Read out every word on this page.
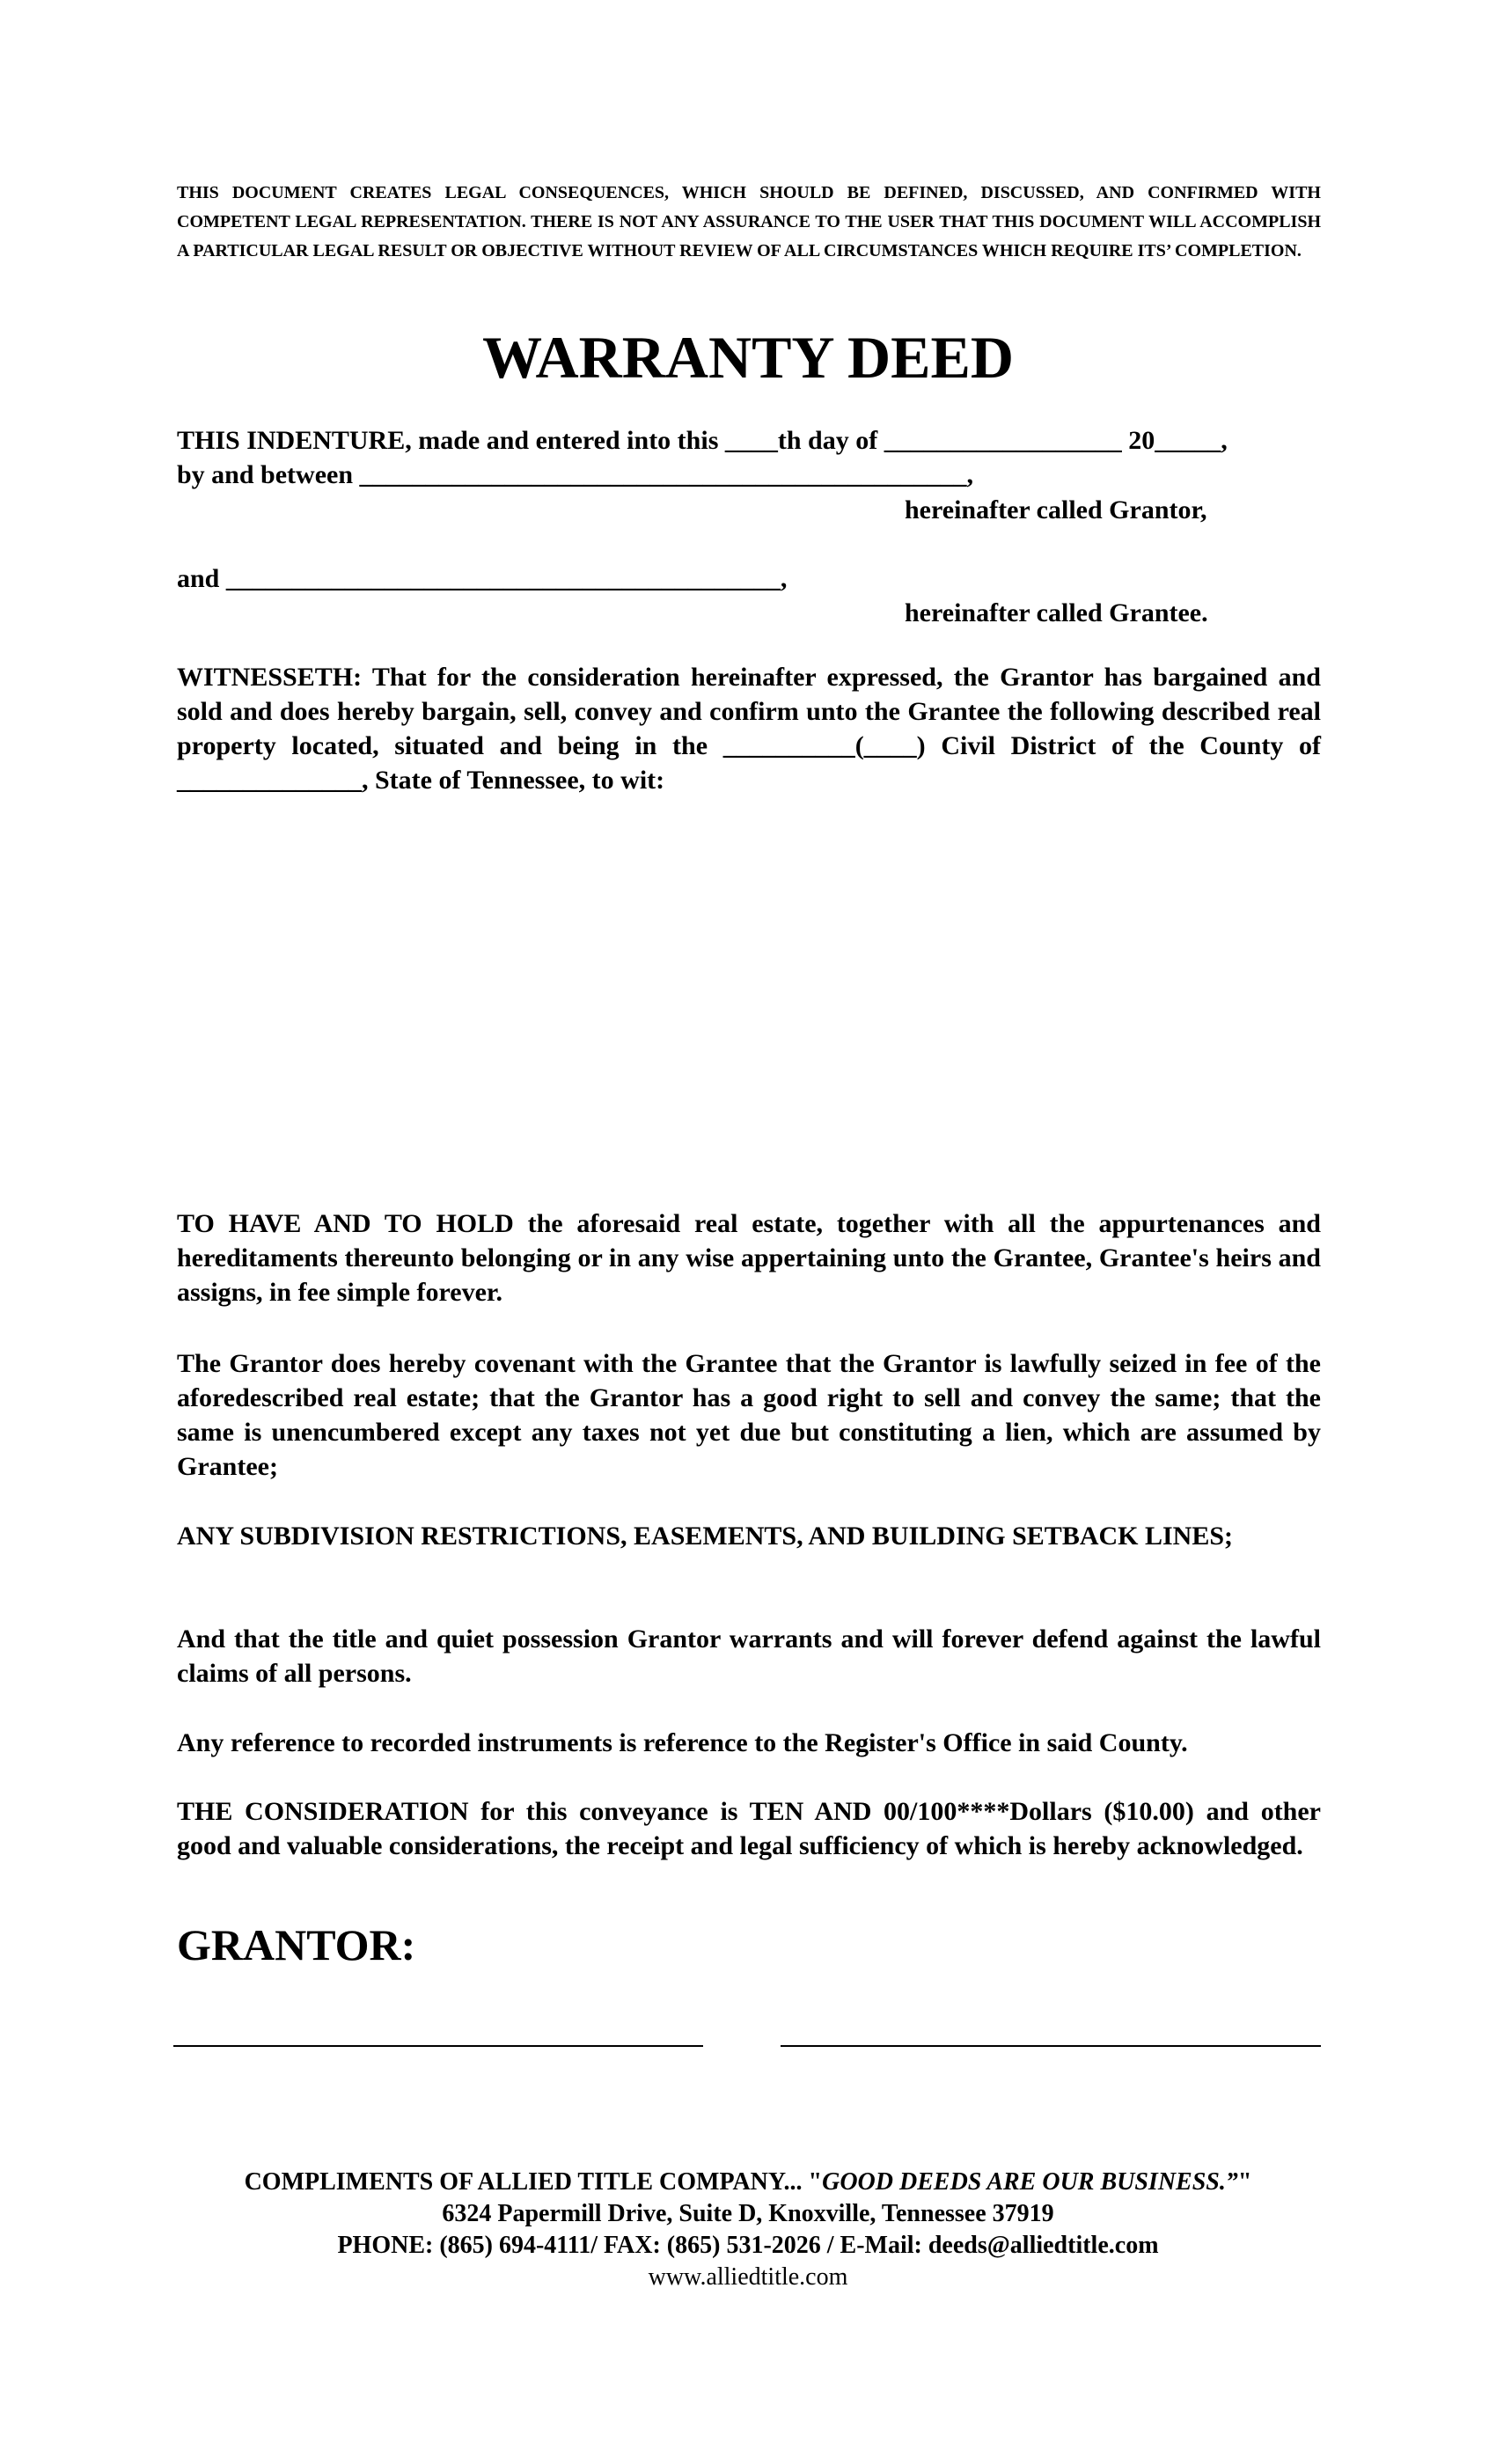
THIS DOCUMENT CREATES LEGAL CONSEQUENCES, WHICH SHOULD BE DEFINED, DISCUSSED, AND CONFIRMED WITH COMPETENT LEGAL REPRESENTATION. THERE IS NOT ANY ASSURANCE TO THE USER THAT THIS DOCUMENT WILL ACCOMPLISH A PARTICULAR LEGAL RESULT OR OBJECTIVE WITHOUT REVIEW OF ALL CIRCUMSTANCES WHICH REQUIRE ITS’ COMPLETION.
WARRANTY DEED
THIS INDENTURE, made and entered into this ____th day of __________________ 20_____,
by and between ______________________________________________,
hereinafter called Grantor,
and __________________________________________,
hereinafter called Grantee.
WITNESSETH: That for the consideration hereinafter expressed, the Grantor has bargained and sold and does hereby bargain, sell, convey and confirm unto the Grantee the following described real property located, situated and being in the __________(____) Civil District of the County of ______________, State of Tennessee, to wit:
TO HAVE AND TO HOLD the aforesaid real estate, together with all the appurtenances and hereditaments thereunto belonging or in any wise appertaining unto the Grantee, Grantee's heirs and assigns, in fee simple forever.
The Grantor does hereby covenant with the Grantee that the Grantor is lawfully seized in fee of the aforedescribed real estate; that the Grantor has a good right to sell and convey the same; that the same is unencumbered except any taxes not yet due but constituting a lien, which are assumed by Grantee;
ANY SUBDIVISION RESTRICTIONS, EASEMENTS, AND BUILDING SETBACK LINES;
And that the title and quiet possession Grantor warrants and will forever defend against the lawful claims of all persons.
Any reference to recorded instruments is reference to the Register's Office in said County.
THE CONSIDERATION for this conveyance is TEN AND 00/100****Dollars ($10.00) and other good and valuable considerations, the receipt and legal sufficiency of which is hereby acknowledged.
GRANTOR:
COMPLIMENTS OF ALLIED TITLE COMPANY... "GOOD DEEDS ARE OUR BUSINESS.”"
6324 Papermill Drive, Suite D, Knoxville, Tennessee 37919
PHONE: (865) 694-4111/ FAX: (865) 531-2026 / E-Mail: deeds@alliedtitle.com
www.alliedtitle.com
